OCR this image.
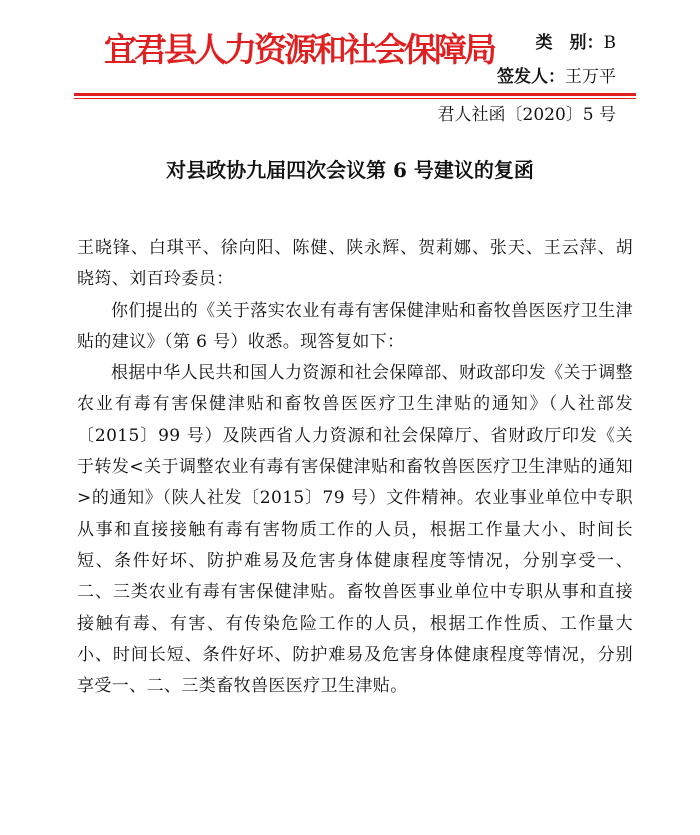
宜君县人力资源和社会保障局 类　别：B
签发人：王万平
君人社函〔2020〕5 号
对县政协九届四次会议第 6 号建议的复函

王晓锋、白琪平、徐向阳、陈健、陕永辉、贺莉娜、张天、王云萍、胡晓筠、刘百玲委员：

你们提出的《关于落实农业有毒有害保健津贴和畜牧兽医医疗卫生津贴的建议》（第 6 号）收悉。现答复如下：

根据中华人民共和国人力资源和社会保障部、财政部印发《关于调整农业有毒有害保健津贴和畜牧兽医医疗卫生津贴的通知》（人社部发〔2015〕99 号）及陕西省人力资源和社会保障厅、省财政厅印发《关于转发<关于调整农业有毒有害保健津贴和畜牧兽医医疗卫生津贴的通知>的通知》（陕人社发〔2015〕79 号）文件精神。农业事业单位中专职从事和直接接触有毒有害物质工作的人员，根据工作量大小、时间长短、条件好坏、防护难易及危害身体健康程度等情况，分别享受一、二、三类农业有毒有害保健津贴。畜牧兽医事业单位中专职从事和直接接触有毒、有害、有传染危险工作的人员，根据工作性质、工作量大小、时间长短、条件好坏、防护难易及危害身体健康程度等情况，分别享受一、二、三类畜牧兽医医疗卫生津贴。
